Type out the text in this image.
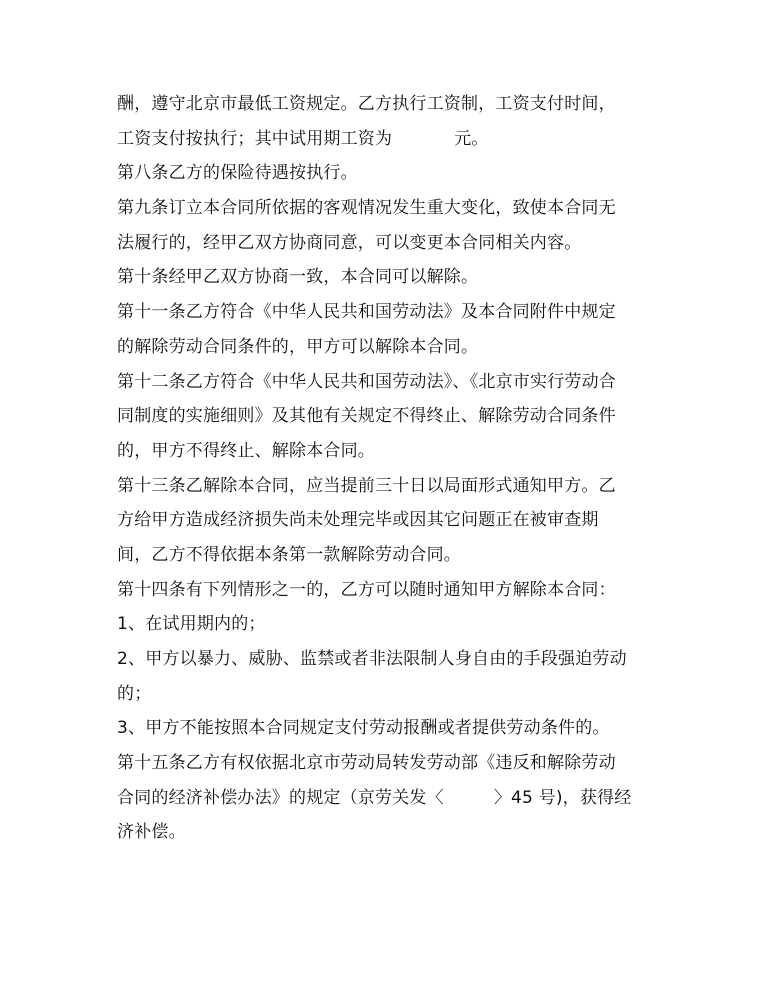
酬，遵守北京市最低工资规定。乙方执行工资制，工资支付时间，
工资支付按执行；其中试用期工资为	元。
第八条乙方的保险待遇按执行。
第九条订立本合同所依据的客观情况发生重大变化，致使本合同无
法履行的，经甲乙双方协商同意，可以变更本合同相关内容。
第十条经甲乙双方协商一致，本合同可以解除。
第十一条乙方符合《中华人民共和国劳动法》及本合同附件中规定
的解除劳动合同条件的，甲方可以解除本合同。
第十二条乙方符合《中华人民共和国劳动法》、《北京市实行劳动合
同制度的实施细则》及其他有关规定不得终止、解除劳动合同条件
的，甲方不得终止、解除本合同。
第十三条乙解除本合同，应当提前三十日以局面形式通知甲方。乙
方给甲方造成经济损失尚未处理完毕或因其它问题正在被审查期
间，乙方不得依据本条第一款解除劳动合同。
第十四条有下列情形之一的，乙方可以随时通知甲方解除本合同：
1、在试用期内的；
2、甲方以暴力、威胁、监禁或者非法限制人身自由的手段强迫劳动
的；
3、甲方不能按照本合同规定支付劳动报酬或者提供劳动条件的。
第十五条乙方有权依据北京市劳动局转发劳动部《违反和解除劳动
合同的经济补偿办法》的规定（京劳关发〈	〉45 号)，获得经
济补偿。
